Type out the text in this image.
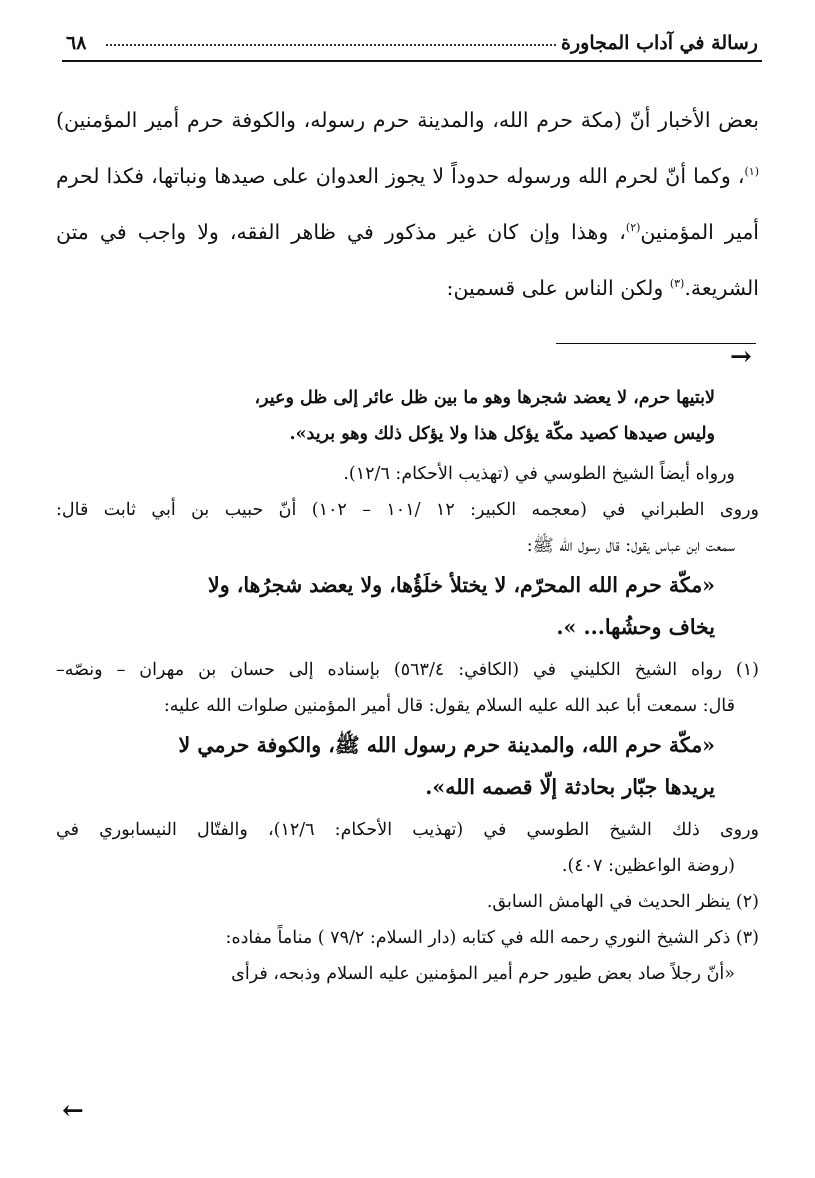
رسالة في آداب المجاورة
٦٨

بعض الأخبار أنّ (مكة حرم الله، والمدينة حرم رسوله، والكوفة حرم أمير المؤمنين)$^{(١)}$، وكما أنّ لحرم الله ورسوله حدوداً لا يجوز العدوان على صيدها ونباتها، فكذا لحرم أمير المؤمنين$^{(٢)}$، وهذا وإن كان غير مذكور في ظاهر الفقه، ولا واجب في متن الشريعة.$^{(٣)}$ ولكن الناس على قسمين:

→

لابتيها حرم، لا يعضد شجرها وهو ما بين ظل عائر إلى ظل وعير،

وليس صيدها كصيد مكّة يؤكل هذا ولا يؤكل ذلك وهو بريد».

ورواه أيضاً الشيخ الطوسي في (تهذيب الأحكام: ١٢/٦).

وروى الطبراني في (معجمه الكبير: ١٢ /١٠١ – ١٠٢) أنّ حبيب بن أبي ثابت قال:

سمعت ابن عباس يقول: قال رسول الله ﷺ:

«مكّة حرم الله المحرّم، لا يختلأ خلَؤُها، ولا يعضد شجرُها، ولا

يخاف وحشُها... ».

(١) رواه الشيخ الكليني في (الكافي: ٥٦٣/٤) بإسناده إلى حسان بن مهران – ونصّه–

قال: سمعت أبا عبد الله عليه السلام يقول: قال أمير المؤمنين صلوات الله عليه:

«مكّة حرم الله، والمدينة حرم رسول الله ﷺ، والكوفة حرمي لا

يريدها جبّار بحادثة إلّا قصمه الله».

وروى ذلك الشيخ الطوسي في (تهذيب الأحكام: ١٢/٦)، والفتّال النيسابوري في

(روضة الواعظين: ٤٠٧).

(٢) ينظر الحديث في الهامش السابق.

(٣) ذكر الشيخ النوري رحمه الله في كتابه (دار السلام: ٧٩/٢ ) مناماً مفاده:

«أنّ رجلاً صاد بعض طيور حرم أمير المؤمنين عليه السلام وذبحه، فرأى

←
